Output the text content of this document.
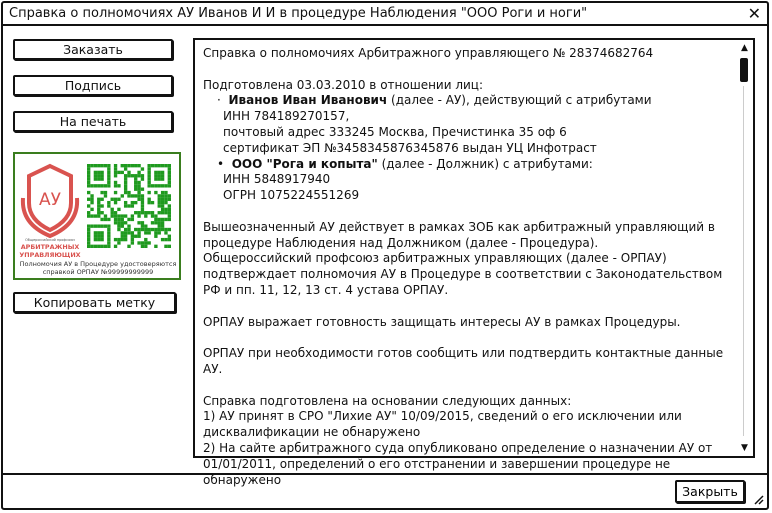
Справка о полномочиях АУ Иванов И И в процедуре Наблюдения "ООО Роги и ноги"	✕
Заказать
Подпись
На печать
АУ
Общероссийский профсоюз
АРБИТРАЖНЫХ
УПРАВЛЯЮЩИХ
Полномочия АУ в Процедуре удостоверяются справкой ОРПАУ №99999999999
Копировать метку

Справка о полномочиях Арбитражного управляющего № 28374682764

Подготовлена 03.03.2010 в отношении лиц:

·  Иванов Иван Иванович (далее - АУ), действующий с атрибутами

ИНН 784189270157,

почтовый адрес 333245 Москва, Пречистинка 35 оф 6

сертификат ЭП №3458345876345876 выдан УЦ Инфотраст

•  ООО "Рога и копыта" (далее - Должник) с атрибутами:

ИНН 5848917940

ОГРН 1075224551269

Вышеозначенный АУ действует в рамках ЗОБ как арбитражный управляющий в процедуре Наблюдения над Должником (далее - Процедура).

Общероссийский профсоюз арбитражных управляющих (далее - ОРПАУ) подтверждает полномочия АУ в Процедуре в соответствии с Законодательством РФ и пп. 11, 12, 13 ст. 4 устава ОРПАУ.

ОРПАУ выражает готовность защищать интересы АУ в рамках Процедуры.

ОРПАУ при необходимости готов сообщить или подтвердить контактные данные АУ.

Справка подготовлена на основании следующих данных:

1) АУ принят в СРО "Лихие АУ" 10/09/2015, сведений о его исключении или дисквалификации не обнаружено

2) На сайте арбитражного суда опубликовано определение о назначении АУ от 01/01/2011, определений о его отстранении и завершении процедуре не обнаружено

▲
▼
Закрыть
